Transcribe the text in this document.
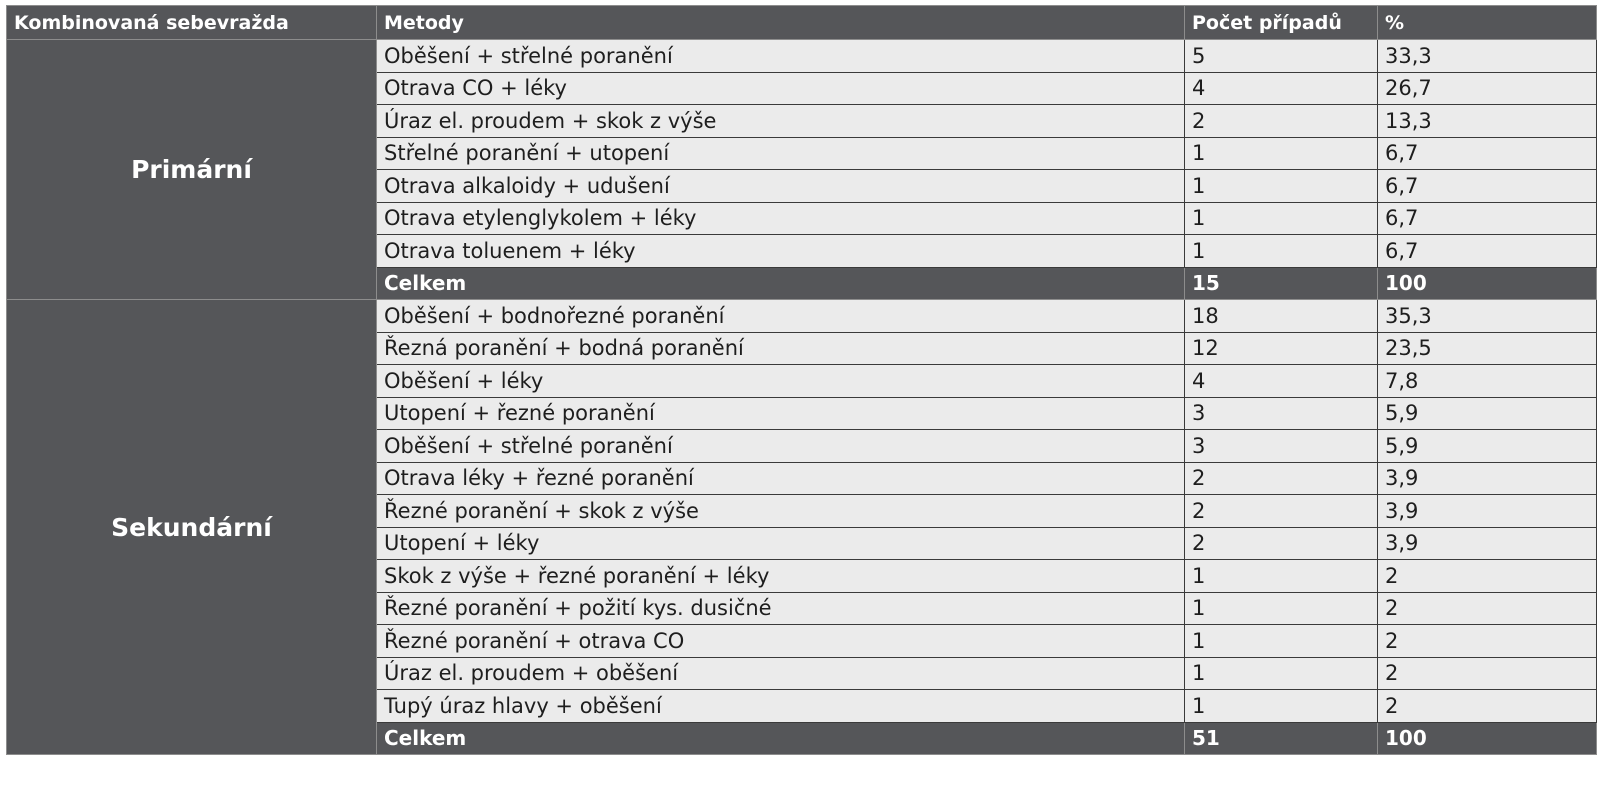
Kombinovaná sebevražda	Metody	Počet případů	%
Primární	Oběšení + střelné poranění	5	33,3
	Otrava CO + léky	4	26,7
	Úraz el. proudem + skok z výše	2	13,3
	Střelné poranění + utopení	1	6,7
	Otrava alkaloidy + udušení	1	6,7
	Otrava etylenglykolem + léky	1	6,7
	Otrava toluenem + léky	1	6,7
	Celkem	15	100
Sekundární	Oběšení + bodnořezné poranění	18	35,3
	Řezná poranění + bodná poranění	12	23,5
	Oběšení + léky	4	7,8
	Utopení + řezné poranění	3	5,9
	Oběšení + střelné poranění	3	5,9
	Otrava léky + řezné poranění	2	3,9
	Řezné poranění + skok z výše	2	3,9
	Utopení + léky	2	3,9
	Skok z výše + řezné poranění + léky	1	2
	Řezné poranění + požití kys. dusičné	1	2
	Řezné poranění + otrava CO	1	2
	Úraz el. proudem + oběšení	1	2
	Tupý úraz hlavy + oběšení	1	2
	Celkem	51	100
